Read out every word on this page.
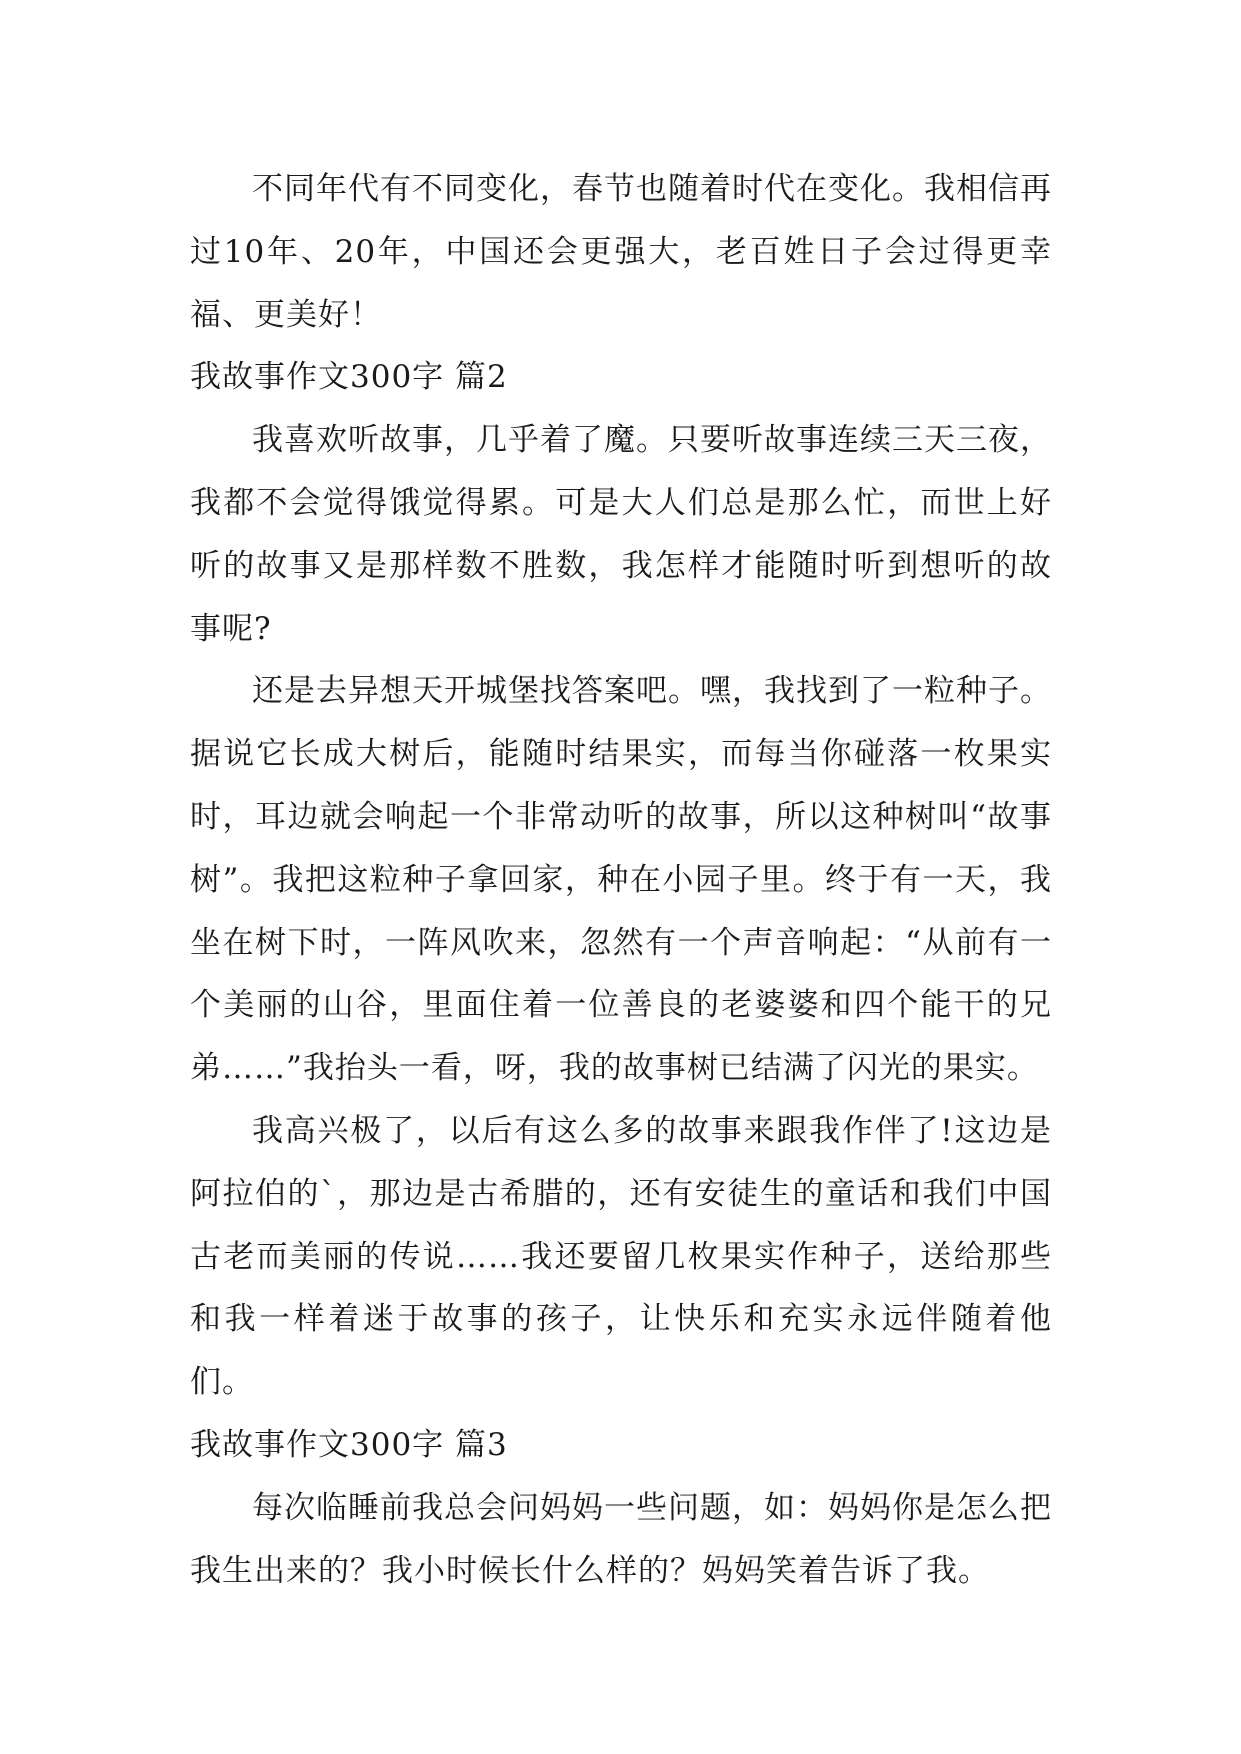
不同年代有不同变化，春节也随着时代在变化。我相信再过10年、20年，中国还会更强大，老百姓日子会过得更幸福、更美好！

我故事作文300字 篇2

我喜欢听故事，几乎着了魔。只要听故事连续三天三夜，我都不会觉得饿觉得累。可是大人们总是那么忙，而世上好听的故事又是那样数不胜数，我怎样才能随时听到想听的故事呢?

还是去异想天开城堡找答案吧。嘿，我找到了一粒种子。据说它长成大树后，能随时结果实，而每当你碰落一枚果实时，耳边就会响起一个非常动听的故事，所以这种树叫“故事树”。我把这粒种子拿回家，种在小园子里。终于有一天，我坐在树下时，一阵风吹来，忽然有一个声音响起：“从前有一个美丽的山谷，里面住着一位善良的老婆婆和四个能干的兄弟……”我抬头一看，呀，我的故事树已结满了闪光的果实。

我高兴极了，以后有这么多的故事来跟我作伴了!这边是阿拉伯的`，那边是古希腊的，还有安徒生的童话和我们中国古老而美丽的传说……我还要留几枚果实作种子，送给那些和我一样着迷于故事的孩子，让快乐和充实永远伴随着他们。

我故事作文300字 篇3

每次临睡前我总会问妈妈一些问题，如：妈妈你是怎么把我生出来的？我小时候长什么样的？妈妈笑着告诉了我。
